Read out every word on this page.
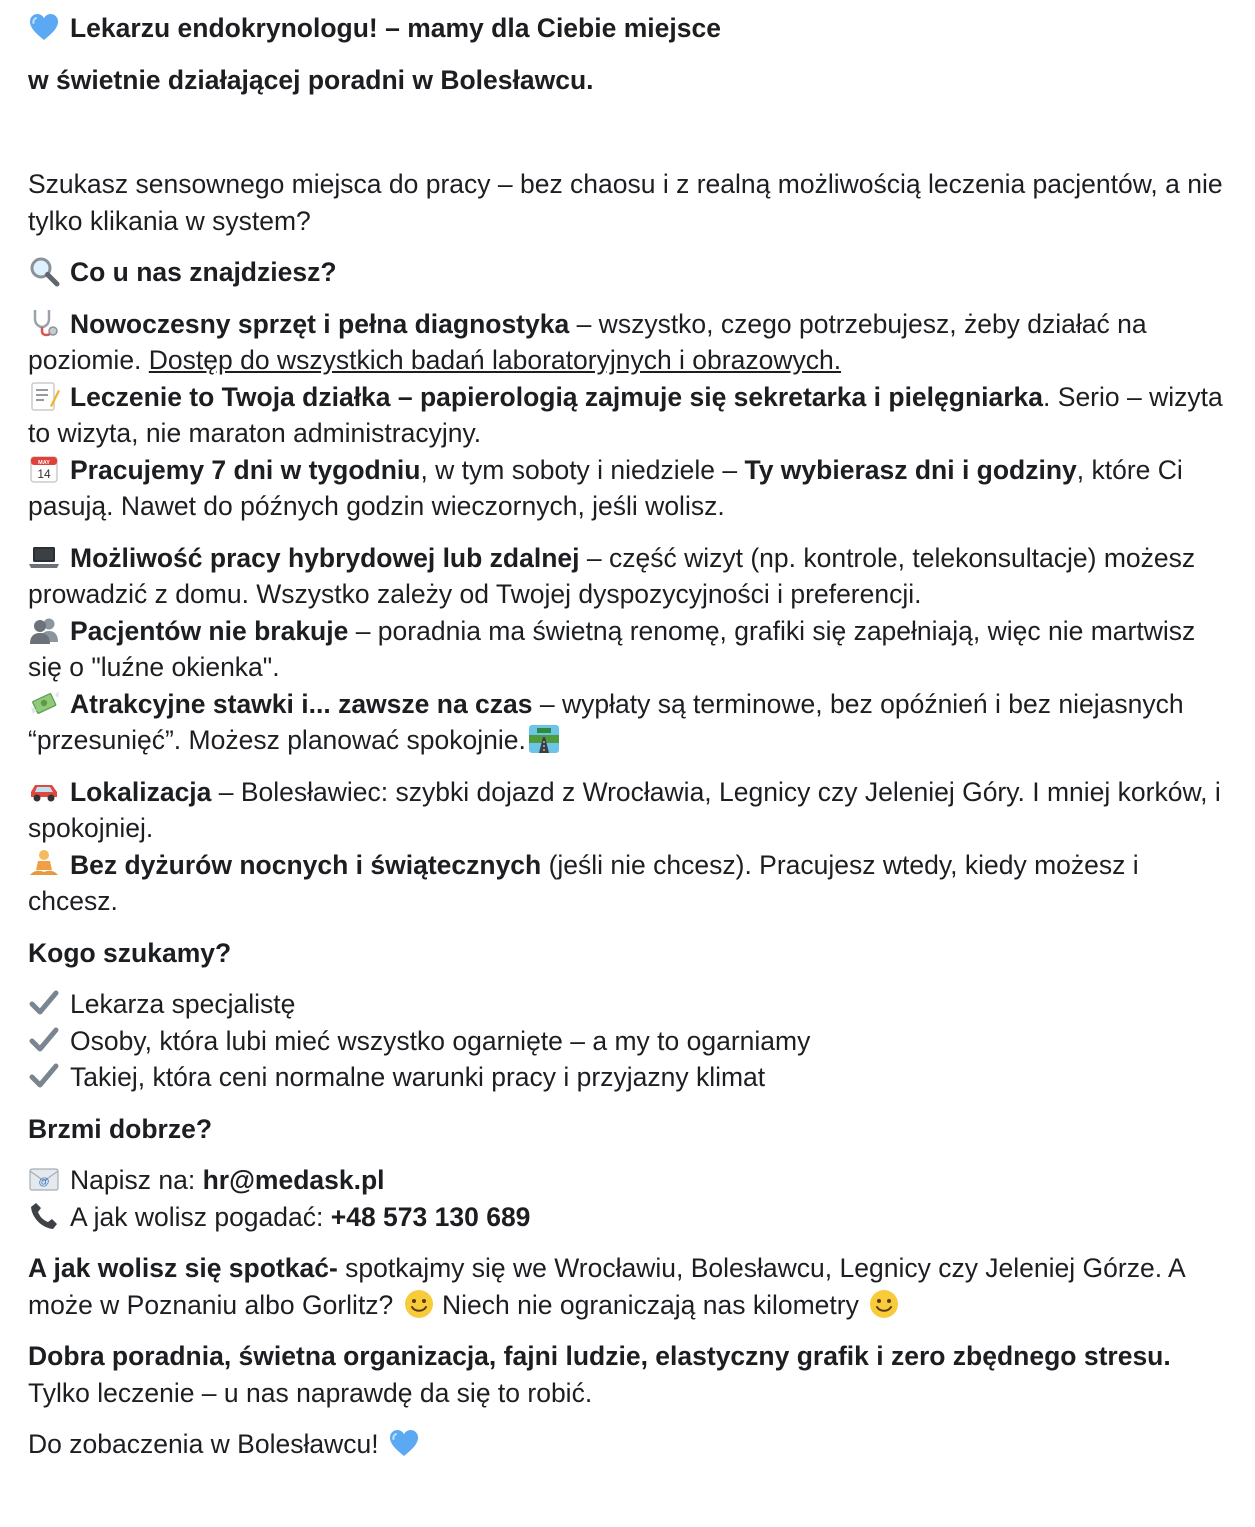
Lekarzu endokrynologu! – mamy dla Ciebie miejsce

w świetnie działającej poradni w Bolesławcu.

Szukasz sensownego miejsca do pracy – bez chaosu i z realną możliwością leczenia pacjentów, a nie tylko klikania w system?

Co u nas znajdziesz?

Nowoczesny sprzęt i pełna diagnostyka – wszystko, czego potrzebujesz, żeby działać na poziomie. Dostęp do wszystkich badań laboratoryjnych i obrazowych.

Leczenie to Twoja działka – papierologią zajmuje się sekretarka i pielęgniarka. Serio – wizyta to wizyta, nie maraton administracyjny.

MAY
14 Pracujemy 7 dni w tygodniu, w tym soboty i niedziele – Ty wybierasz dni i godziny, które Ci pasują. Nawet do późnych godzin wieczornych, jeśli wolisz.

Możliwość pracy hybrydowej lub zdalnej – część wizyt (np. kontrole, telekonsultacje) możesz prowadzić z domu. Wszystko zależy od Twojej dyspozycyjności i preferencji.

Pacjentów nie brakuje – poradnia ma świetną renomę, grafiki się zapełniają, więc nie martwisz się o "luźne okienka".

Atrakcyjne stawki i... zawsze na czas – wypłaty są terminowe, bez opóźnień i bez niejasnych “przesunięć”. Możesz planować spokojnie.

Lokalizacja – Bolesławiec: szybki dojazd z Wrocławia, Legnicy czy Jeleniej Góry. I mniej korków, i spokojniej.

Bez dyżurów nocnych i świątecznych (jeśli nie chcesz). Pracujesz wtedy, kiedy możesz i chcesz.

Kogo szukamy?

Lekarza specjalistę
Osoby, która lubi mieć wszystko ogarnięte – a my to ogarniamy
Takiej, która ceni normalne warunki pracy i przyjazny klimat

Brzmi dobrze?

@ Napisz na: hr@medask.pl
A jak wolisz pogadać: +48 573 130 689

A jak wolisz się spotkać- spotkajmy się we Wrocławiu, Bolesławcu, Legnicy czy Jeleniej Górze. A może w Poznaniu albo Gorlitz?  Niech nie ograniczają nas kilometry

Dobra poradnia, świetna organizacja, fajni ludzie, elastyczny grafik i zero zbędnego stresu.
Tylko leczenie – u nas naprawdę da się to robić.

Do zobaczenia w Bolesławcu!
